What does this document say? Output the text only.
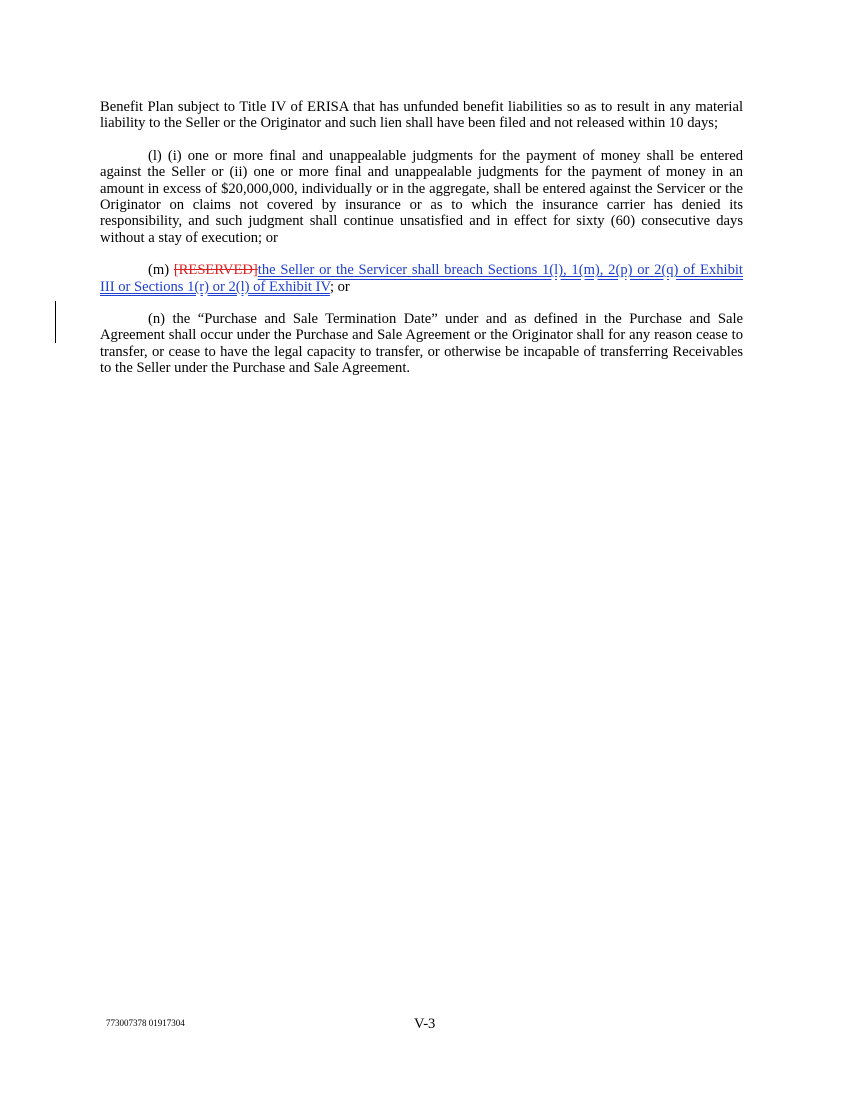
Benefit Plan subject to Title IV of ERISA that has unfunded benefit liabilities so as to result in any material liability to the Seller or the Originator and such lien shall have been filed and not released within 10 days;

(l) (i) one or more final and unappealable judgments for the payment of money shall be entered against the Seller or (ii) one or more final and unappealable judgments for the payment of money in an amount in excess of $20,000,000, individually or in the aggregate, shall be entered against the Servicer or the Originator on claims not covered by insurance or as to which the insurance carrier has denied its responsibility, and such judgment shall continue unsatisfied and in effect for sixty (60) consecutive days without a stay of execution; or

(m) [RESERVED]the Seller or the Servicer shall breach Sections 1(l), 1(m), 2(p) or 2(q) of Exhibit III or Sections 1(r) or 2(l) of Exhibit IV; or

(n) the “Purchase and Sale Termination Date” under and as defined in the Purchase and Sale Agreement shall occur under the Purchase and Sale Agreement or the Originator shall for any reason cease to transfer, or cease to have the legal capacity to transfer, or otherwise be incapable of transferring Receivables to the Seller under the Purchase and Sale Agreement.

773007378 01917304	V-3
